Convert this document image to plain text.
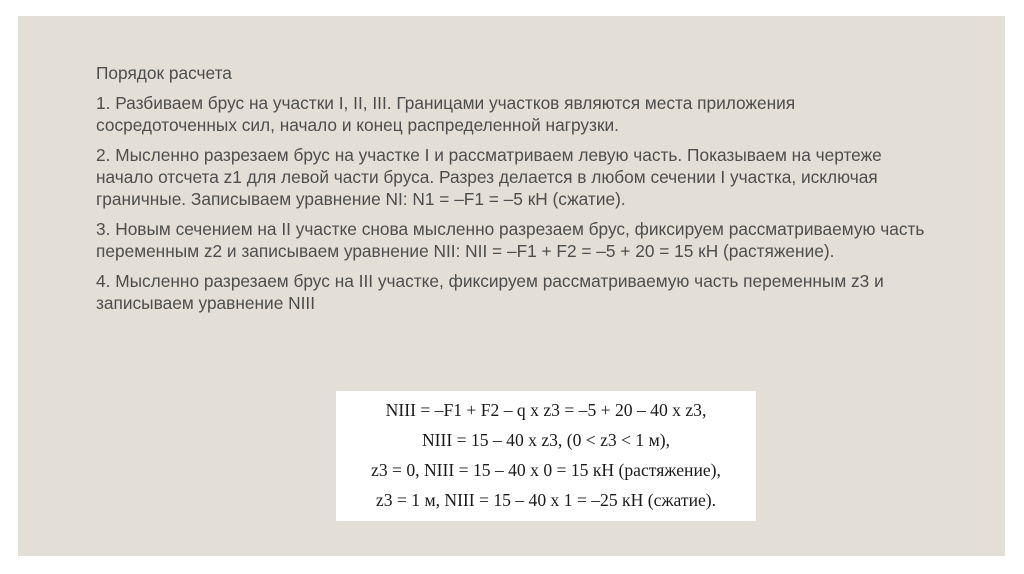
Порядок расчета

1. Разбиваем брус на участки I, II, III. Границами участков являются места приложения сосредоточенных сил, начало и конец распределенной нагрузки.

2. Мысленно разрезаем брус на участке I и рассматриваем левую часть. Показываем на чертеже начало отсчета z1 для левой части бруса. Разрез делается в любом сечении I участка, исключая граничные. Записываем уравнение NI: N1 = –F1 = –5 кН (сжатие).

3. Новым сечением на II участке снова мысленно разрезаем брус, фиксируем рассматриваемую часть переменным z2 и записываем уравнение NII: NII = –F1 + F2 = –5 + 20 = 15 кН (растяжение).

4. Мысленно разрезаем брус на III участке, фиксируем рассматриваемую часть переменным z3 и записываем уравнение NIII

NIII = –F1 + F2 – q x z3 = –5 + 20 – 40 x z3,
NIII = 15 – 40 x z3, (0 < z3 < 1 м),
z3 = 0, NIII = 15 – 40 x 0 = 15 кН (растяжение),
z3 = 1 м, NIII = 15 – 40 x 1 = –25 кН (сжатие).
